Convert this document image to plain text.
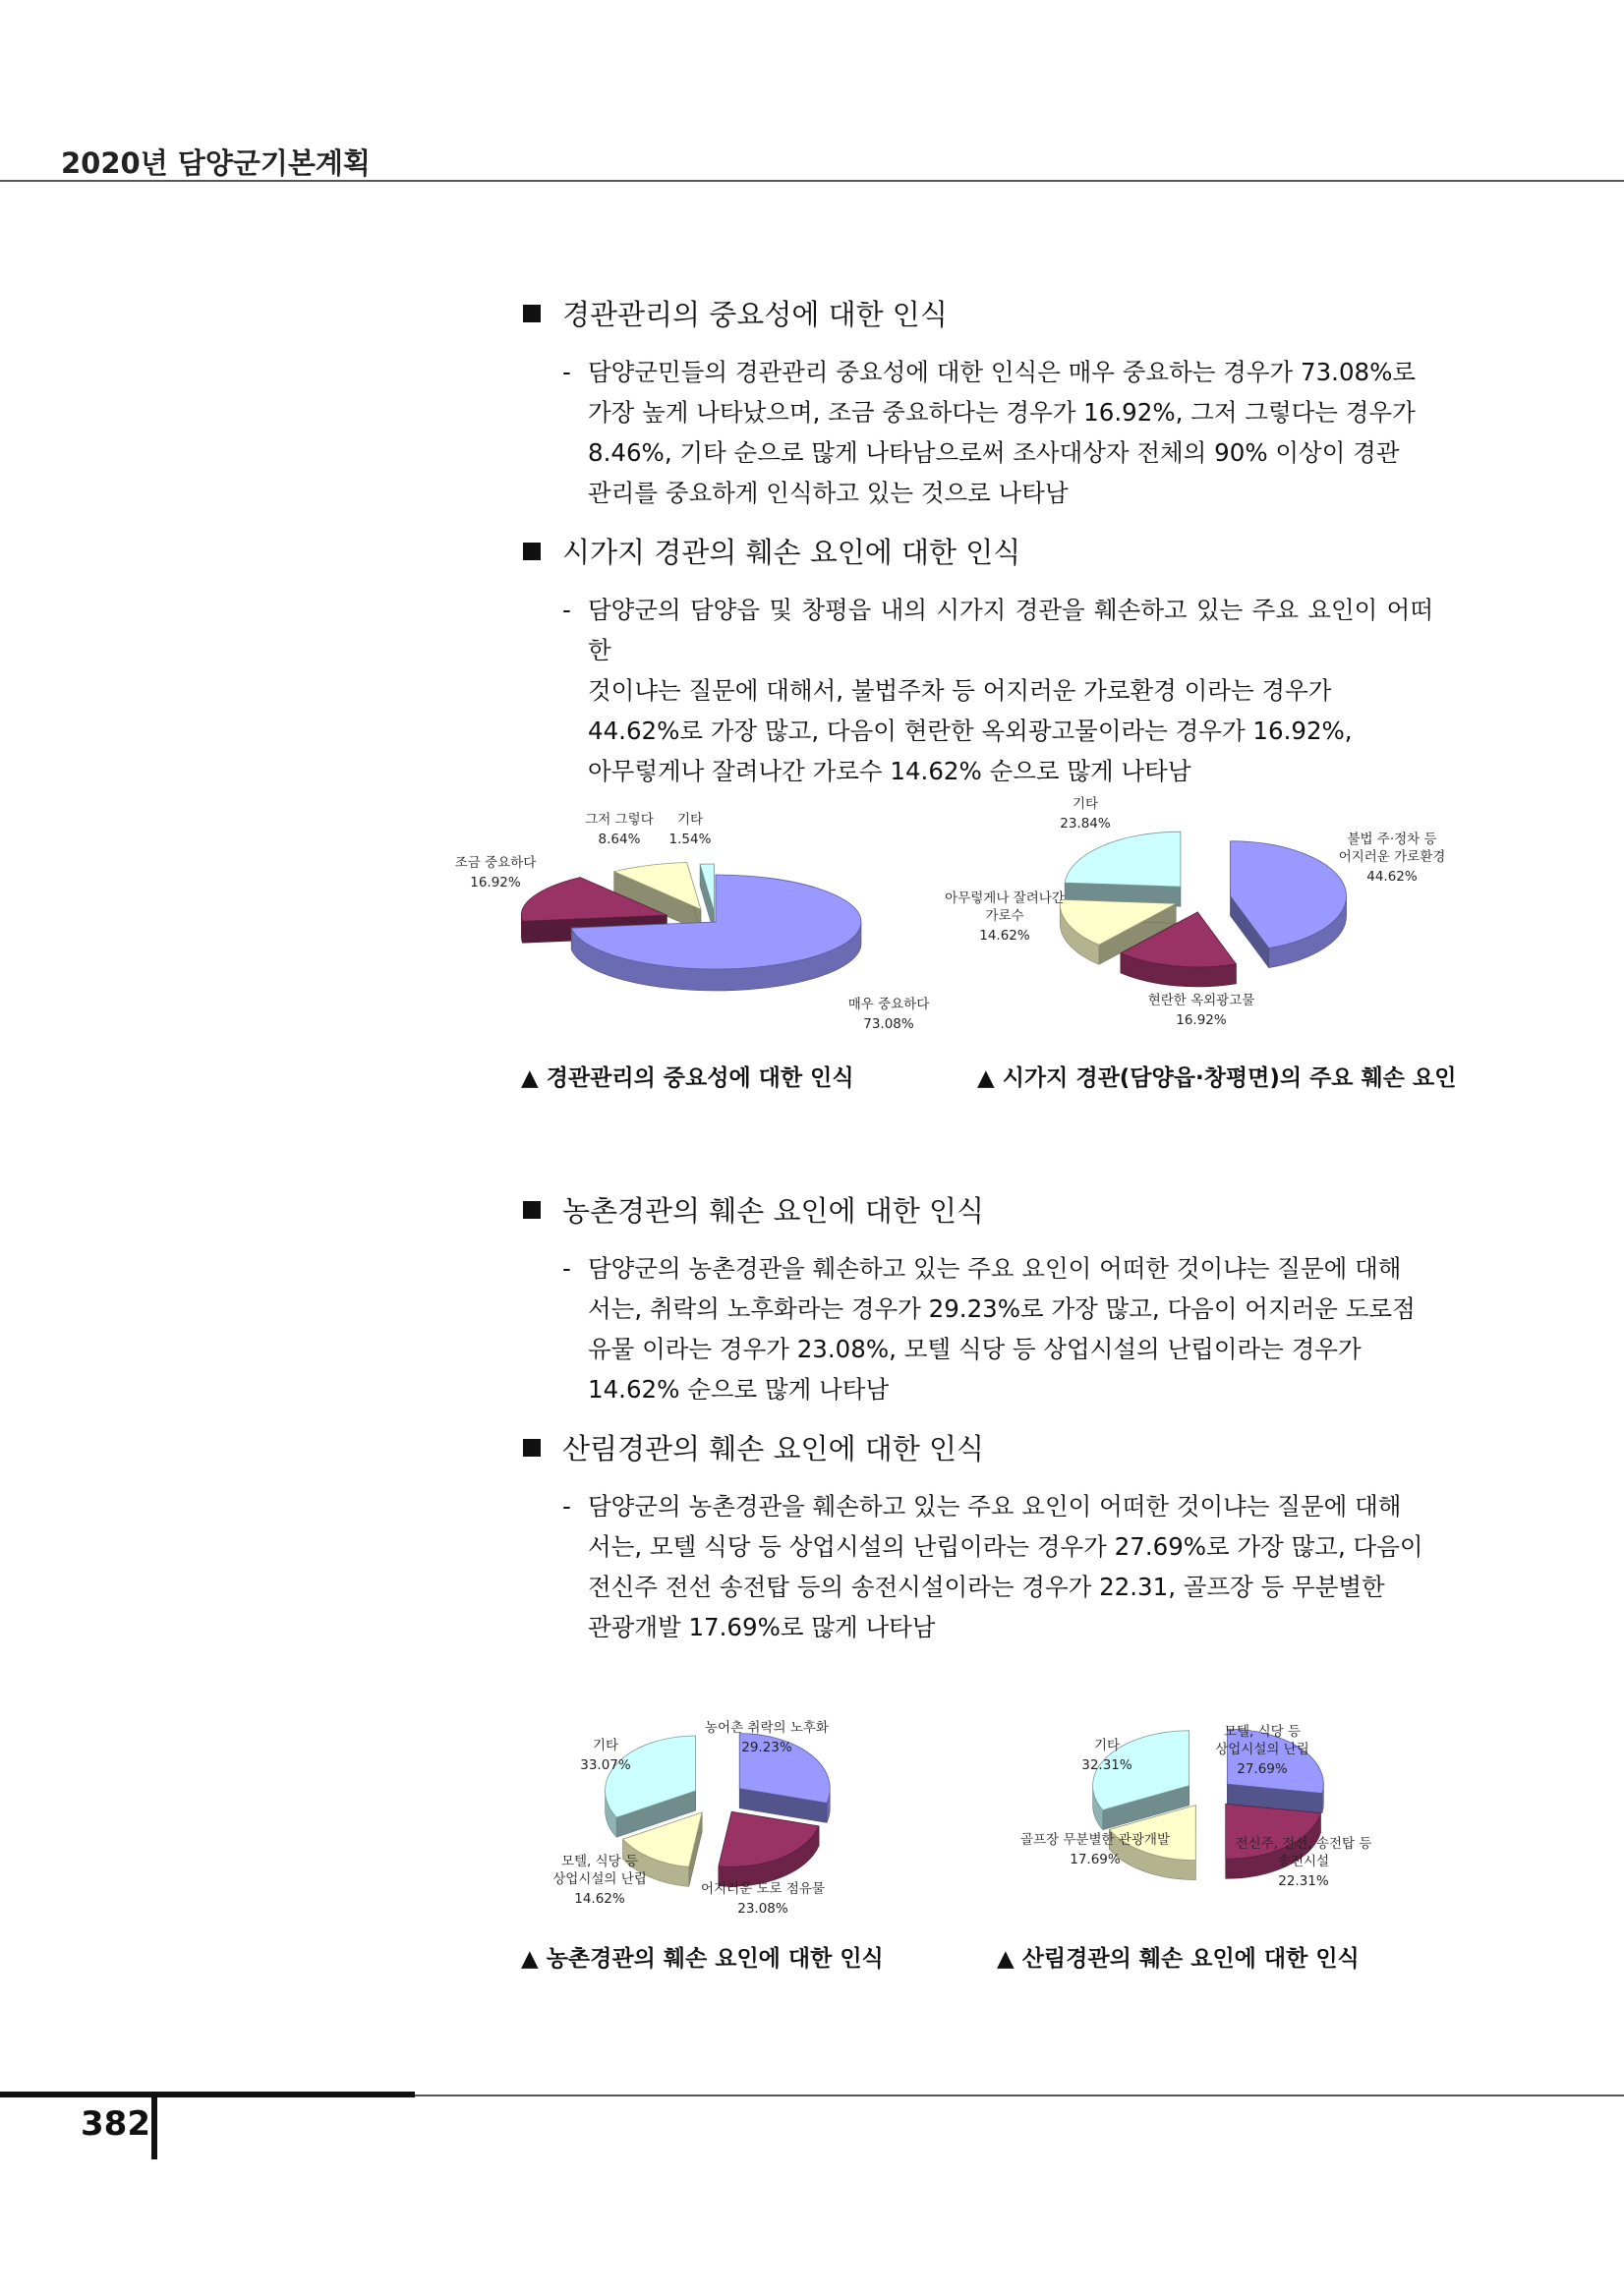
2020년 담양군기본계획
경관관리의 중요성에 대한 인식
- 담양군민들의 경관관리 중요성에 대한 인식은 매우 중요하는 경우가 73.08%로
가장 높게 나타났으며, 조금 중요하다는 경우가 16.92%, 그저 그렇다는 경우가
8.46%, 기타 순으로 많게 나타남으로써 조사대상자 전체의 90% 이상이 경관
관리를 중요하게 인식하고 있는 것으로 나타남
시가지 경관의 훼손 요인에 대한 인식
- 담양군의 담양읍 및 창평읍 내의 시가지 경관을 훼손하고 있는 주요 요인이 어떠한
것이냐는 질문에 대해서, 불법주차 등 어지러운 가로환경 이라는 경우가
44.62%로 가장 많고, 다음이 현란한 옥외광고물이라는 경우가 16.92%,
아무렇게나 잘려나간 가로수 14.62% 순으로 많게 나타남
그저 그렇다
8.64%
기타
1.54%
조금 중요하다
16.92%
매우 중요하다
73.08%
기타
23.84%
불법 주·정차 등
어지러운 가로환경
44.62%
아무렇게나 잘려나간
가로수
14.62%
현란한 옥외광고물
16.92%
▲ 경관관리의 중요성에 대한 인식	▲ 시가지 경관(담양읍·창평면)의 주요 훼손 요인
농촌경관의 훼손 요인에 대한 인식
- 담양군의 농촌경관을 훼손하고 있는 주요 요인이 어떠한 것이냐는 질문에 대해
서는, 취락의 노후화라는 경우가 29.23%로 가장 많고, 다음이 어지러운 도로점
유물 이라는 경우가 23.08%, 모텔 식당 등 상업시설의 난립이라는 경우가
14.62% 순으로 많게 나타남
산림경관의 훼손 요인에 대한 인식
- 담양군의 농촌경관을 훼손하고 있는 주요 요인이 어떠한 것이냐는 질문에 대해
서는, 모텔 식당 등 상업시설의 난립이라는 경우가 27.69%로 가장 많고, 다음이
전신주 전선 송전탑 등의 송전시설이라는 경우가 22.31, 골프장 등 무분별한
관광개발 17.69%로 많게 나타남
기타
33.07%
농어촌 취락의 노후화
29.23%
모텔, 식당 등
상업시설의 난립
14.62%
어지러운 도로 점유물
23.08%
기타
32.31%
모텔, 식당 등
상업시설의 난립
27.69%
골프장 무분별한 관광개발
17.69%
전신주, 전선, 송전탑 등
송전시설
22.31%
▲ 농촌경관의 훼손 요인에 대한 인식	▲ 산림경관의 훼손 요인에 대한 인식
382
